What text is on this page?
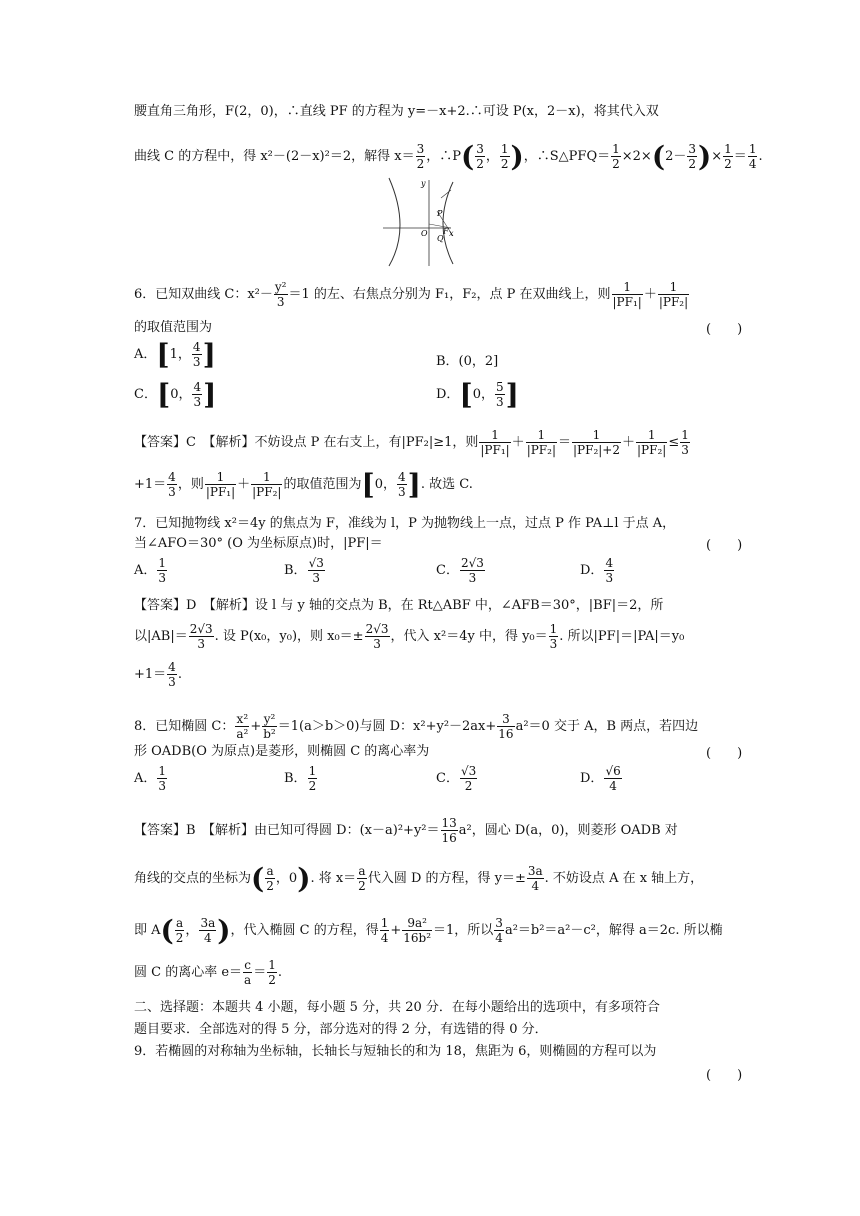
腰直角三角形，F(2，0)，∴直线 PF 的方程为 y=－x+2.∴可设 P(x，2－x)，将其代入双
曲线 C 的方程中，得 x²－(2－x)²＝2，解得 $x= \frac{3}{2}$ ，∴P( $\frac{3}{2}$ ， $\frac{1}{2}$ )，∴S△PFQ＝ $\frac{1}{2} \times 2\times(2- \frac{3}{2}$ )× $\frac{1}{2} = \frac{1}{4}$ .
y
P
O
Q
F x
6．已知双曲线 C：$x^2- \frac{\text{y²}}{3} =1$ 的左、右焦点分别为 F₁，F₂，点 P 在双曲线上，则 $\frac{1}{\text{|PF₁|}} + \frac{1}{\text{|PF₂|}}$
的取值范围为	(　　)
A．[1， $\frac{4}{3}$ ]	B．(0，2]
C．[0， $\frac{4}{3}$ ]	D．[0， $\frac{5}{3}$ ]
【答案】C　【解析】不妨设点 P 在右支上，有|PF₂|≥1，则 $\frac{1}{\text{|PF₁|}} + \frac{1}{\text{|PF₂|}} = \frac{1}{\text{|PF₂|+2}} + \frac{1}{\text{|PF₂|}} \le \frac{1}{3}$
$+1= \frac{4}{3}$ ，则 $\frac{1}{\text{|PF₁|}} + \frac{1}{\text{|PF₂|}}$ 的取值范围为[0， $\frac{4}{3}$ ]. 故选 C.
7．已知抛物线 x²＝4y 的焦点为 F，准线为 l，P 为抛物线上一点，过点 P 作 PA⊥l 于点 A，
当∠AFO＝30° (O 为坐标原点)时，|PF|＝	(　　)
A． $\frac{1}{3}$	B． $\frac{√3}{3}$	C． $\frac{2√3}{3}$	D． $\frac{4}{3}$
【答案】D　【解析】设 l 与 y 轴的交点为 B，在 Rt△ABF 中，∠AFB＝30°，|BF|＝2，所
以$|AB|= \frac{2√3}{3}$ . 设 P(x₀，y₀)，则 $x_0=\pm \frac{2√3}{3}$ ，代入 x²＝4y 中，得 $y_0= \frac{1}{3}$ . 所以|PF|＝|PA|＝y₀
$+1= \frac{4}{3}$ .
8．已知椭圆 C： $\frac{\text{x²}}{\text{a²}} + \frac{\text{y²}}{\text{b²}} =1(a>b>0)$与圆 D：$x^2+y^2-2ax+ \frac{3}{16} a^2=0$ 交于 A，B 两点，若四边
形 OADB(O 为原点)是菱形，则椭圆 C 的离心率为	(　　)
A． $\frac{1}{3}$	B． $\frac{1}{2}$	C． $\frac{√3}{2}$	D． $\frac{√6}{4}$
【答案】B　【解析】由已知可得圆 D：$(x-a)^2+y^2= \frac{13}{16} a^2$，圆心 D(a，0)，则菱形 OADB 对
角线的交点的坐标为( $\frac{a}{2}$ ，0). 将 $x= \frac{a}{2}$ 代入圆 D 的方程，得 $y=\pm \frac{3a}{4}$ . 不妨设点 A 在 x 轴上方，
即 $A( \frac{a}{2}$ ， $\frac{3a}{4}$ )，代入椭圆 C 的方程，得 $\frac{1}{4} + \frac{\text{9a²}}{\text{16b²}} =1$，所以 $\frac{3}{4} a^2=b^2=a^2-c^2$，解得 a＝2c. 所以椭
圆 C 的离心率 $e= \frac{c}{a} = \frac{1}{2}$ .
二、选择题：本题共 4 小题，每小题 5 分，共 20 分．在每小题给出的选项中，有多项符合
题目要求．全部选对的得 5 分，部分选对的得 2 分，有选错的得 0 分．
9．若椭圆的对称轴为坐标轴，长轴长与短轴长的和为 18，焦距为 6，则椭圆的方程可以为
(　　)
